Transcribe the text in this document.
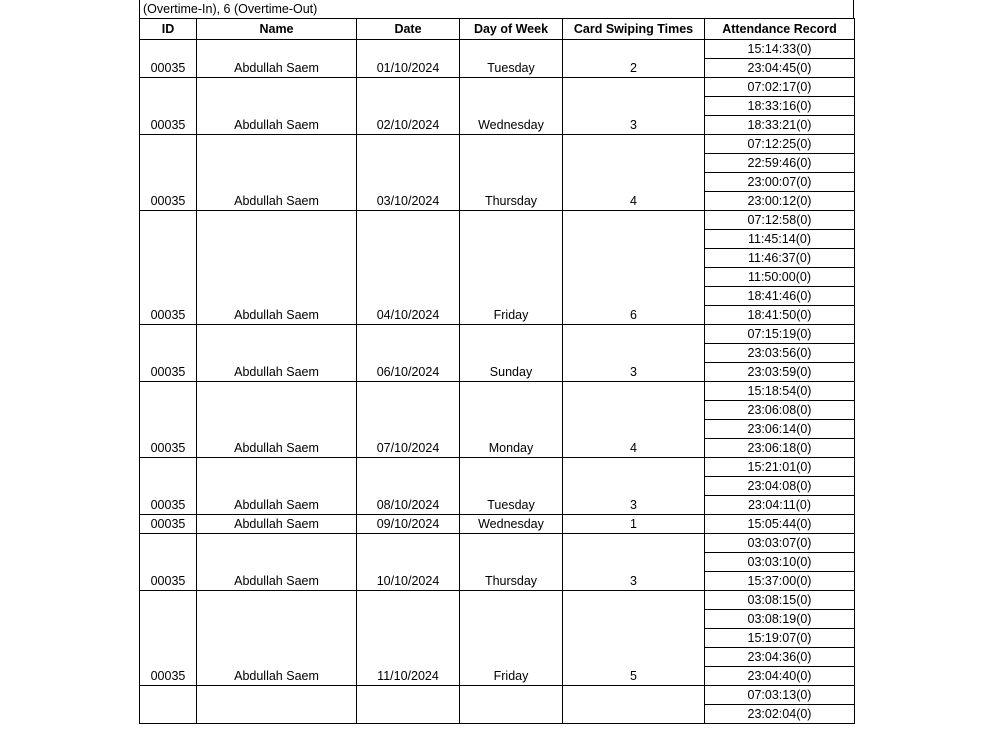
(Overtime-In), 6 (Overtime-Out)
ID	Name	Date	Day of Week	Card Swiping Times	Attendance Record
00035	Abdullah Saem	01/10/2024	Tuesday	2	15:14:33(0)
					23:04:45(0)
00035	Abdullah Saem	02/10/2024	Wednesday	3	07:02:17(0)
					18:33:16(0)
					18:33:21(0)
00035	Abdullah Saem	03/10/2024	Thursday	4	07:12:25(0)
					22:59:46(0)
					23:00:07(0)
					23:00:12(0)
00035	Abdullah Saem	04/10/2024	Friday	6	07:12:58(0)
					11:45:14(0)
					11:46:37(0)
					11:50:00(0)
					18:41:46(0)
					18:41:50(0)
00035	Abdullah Saem	06/10/2024	Sunday	3	07:15:19(0)
					23:03:56(0)
					23:03:59(0)
00035	Abdullah Saem	07/10/2024	Monday	4	15:18:54(0)
					23:06:08(0)
					23:06:14(0)
					23:06:18(0)
00035	Abdullah Saem	08/10/2024	Tuesday	3	15:21:01(0)
					23:04:08(0)
					23:04:11(0)
00035	Abdullah Saem	09/10/2024	Wednesday	1	15:05:44(0)
00035	Abdullah Saem	10/10/2024	Thursday	3	03:03:07(0)
					03:03:10(0)
					15:37:00(0)
00035	Abdullah Saem	11/10/2024	Friday	5	03:08:15(0)
					03:08:19(0)
					15:19:07(0)
					23:04:36(0)
					23:04:40(0)
					07:03:13(0)
					23:02:04(0)
